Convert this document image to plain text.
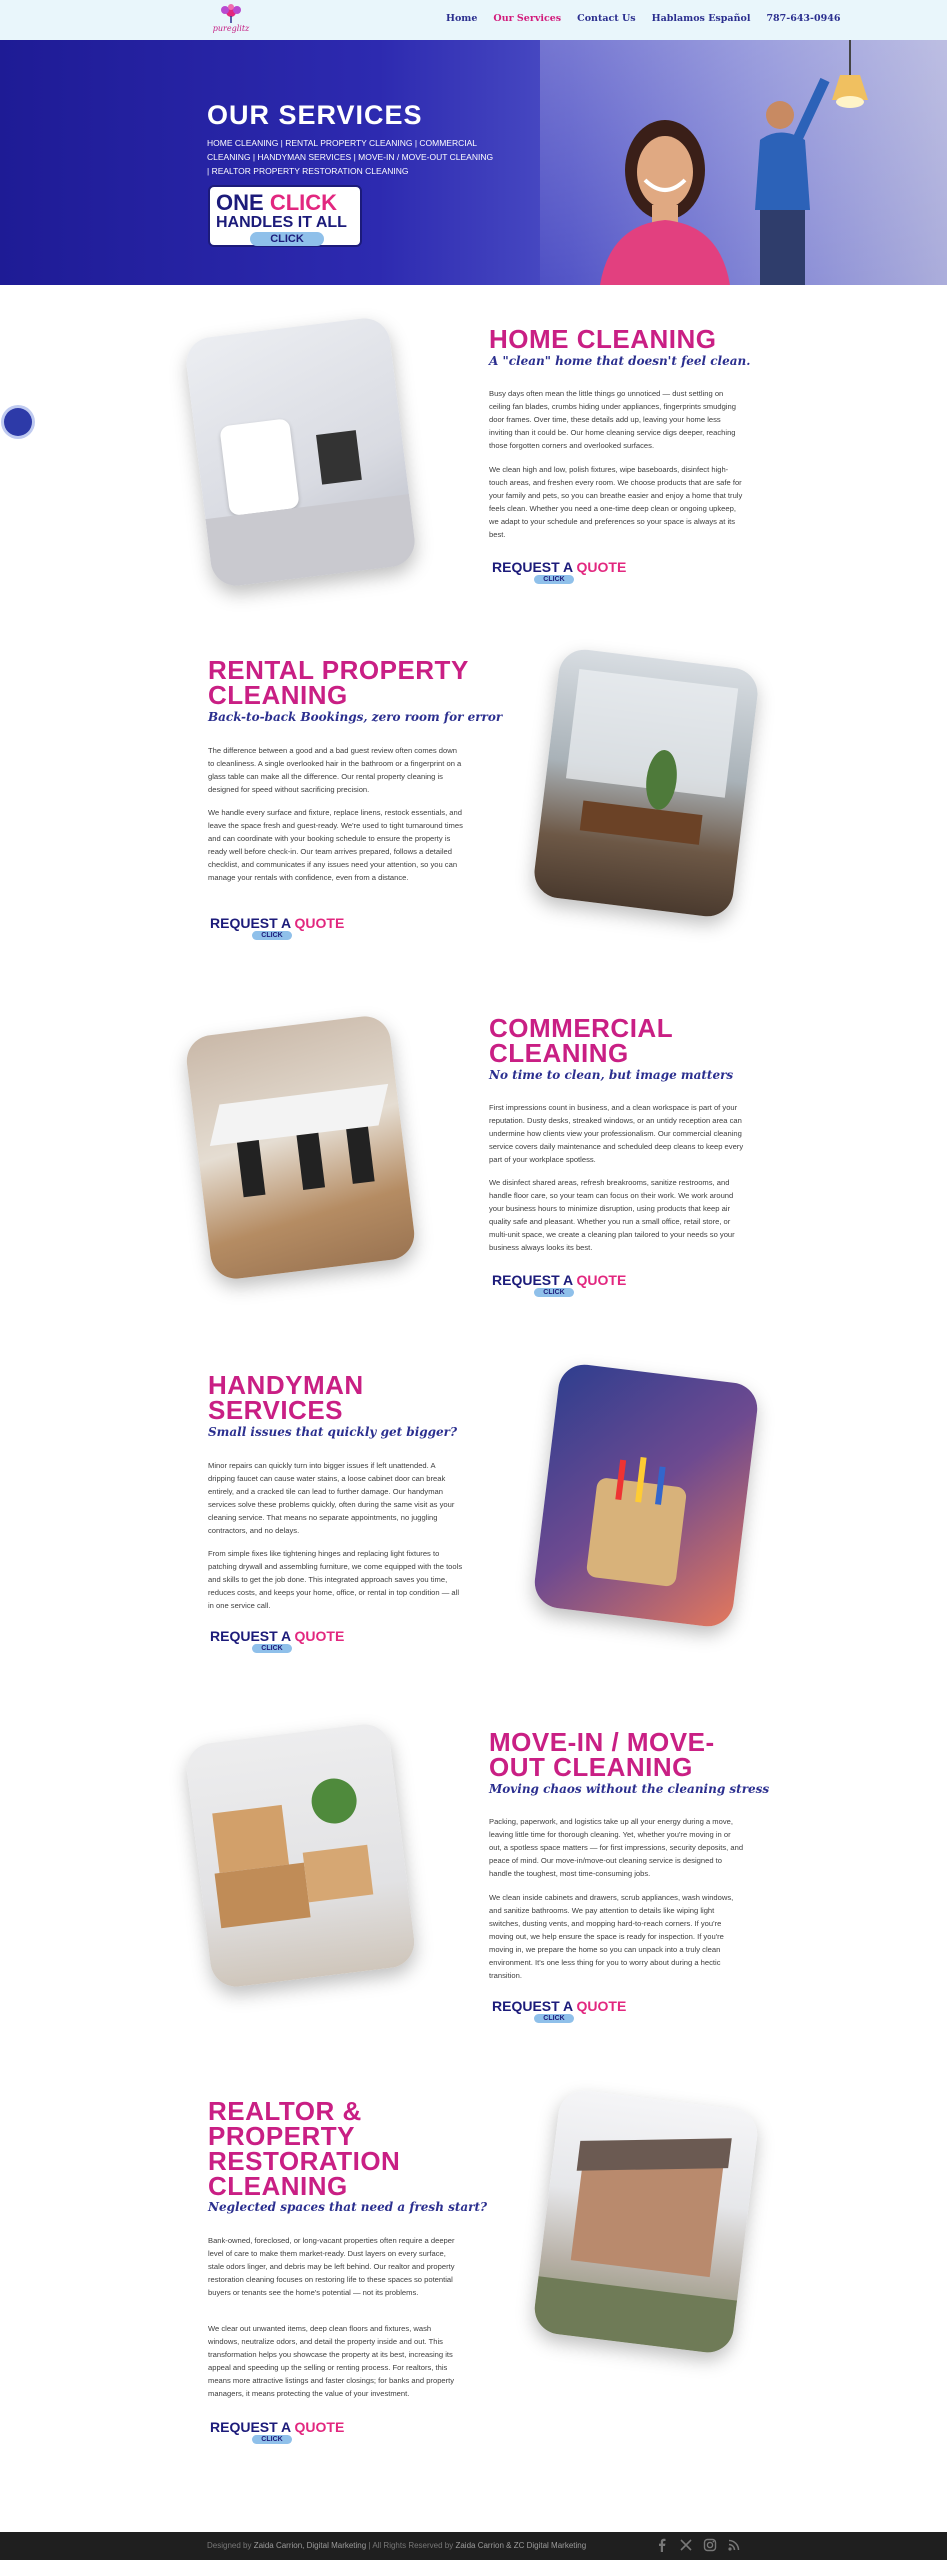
pureglitz
Home Our Services Contact Us Hablamos Español 787-643-0946
OUR SERVICES
HOME CLEANING | RENTAL PROPERTY CLEANING | COMMERCIAL CLEANING | HANDYMAN SERVICES | MOVE-IN / MOVE-OUT CLEANING | REALTOR PROPERTY RESTORATION CLEANING
ONE CLICK
HANDLES IT ALL
CLICK
HOME CLEANING
A "clean" home that doesn't feel clean.
Busy days often mean the little things go unnoticed — dust settling on ceiling fan blades, crumbs hiding under appliances, fingerprints smudging door frames. Over time, these details add up, leaving your home less inviting than it could be. Our home cleaning service digs deeper, reaching those forgotten corners and overlooked surfaces.
We clean high and low, polish fixtures, wipe baseboards, disinfect high-touch areas, and freshen every room. We choose products that are safe for your family and pets, so you can breathe easier and enjoy a home that truly feels clean. Whether you need a one-time deep clean or ongoing upkeep, we adapt to your schedule and preferences so your space is always at its best.
REQUEST A QUOTE
CLICK
RENTAL PROPERTY CLEANING
Back-to-back Bookings, zero room for error
The difference between a good and a bad guest review often comes down to cleanliness. A single overlooked hair in the bathroom or a fingerprint on a glass table can make all the difference. Our rental property cleaning is designed for speed without sacrificing precision.
We handle every surface and fixture, replace linens, restock essentials, and leave the space fresh and guest-ready. We're used to tight turnaround times and can coordinate with your booking schedule to ensure the property is ready well before check-in. Our team arrives prepared, follows a detailed checklist, and communicates if any issues need your attention, so you can manage your rentals with confidence, even from a distance.
REQUEST A QUOTE
CLICK
COMMERCIAL CLEANING
No time to clean, but image matters
First impressions count in business, and a clean workspace is part of your reputation. Dusty desks, streaked windows, or an untidy reception area can undermine how clients view your professionalism. Our commercial cleaning service covers daily maintenance and scheduled deep cleans to keep every part of your workplace spotless.
We disinfect shared areas, refresh breakrooms, sanitize restrooms, and handle floor care, so your team can focus on their work. We work around your business hours to minimize disruption, using products that keep air quality safe and pleasant. Whether you run a small office, retail store, or multi-unit space, we create a cleaning plan tailored to your needs so your business always looks its best.
REQUEST A QUOTE
CLICK
HANDYMAN SERVICES
Small issues that quickly get bigger?
Minor repairs can quickly turn into bigger issues if left unattended. A dripping faucet can cause water stains, a loose cabinet door can break entirely, and a cracked tile can lead to further damage. Our handyman services solve these problems quickly, often during the same visit as your cleaning service. That means no separate appointments, no juggling contractors, and no delays.
From simple fixes like tightening hinges and replacing light fixtures to patching drywall and assembling furniture, we come equipped with the tools and skills to get the job done. This integrated approach saves you time, reduces costs, and keeps your home, office, or rental in top condition — all in one service call.
REQUEST A QUOTE
CLICK
MOVE-IN / MOVE-OUT CLEANING
Moving chaos without the cleaning stress
Packing, paperwork, and logistics take up all your energy during a move, leaving little time for thorough cleaning. Yet, whether you're moving in or out, a spotless space matters — for first impressions, security deposits, and peace of mind. Our move-in/move-out cleaning service is designed to handle the toughest, most time-consuming jobs.
We clean inside cabinets and drawers, scrub appliances, wash windows, and sanitize bathrooms. We pay attention to details like wiping light switches, dusting vents, and mopping hard-to-reach corners. If you're moving out, we help ensure the space is ready for inspection. If you're moving in, we prepare the home so you can unpack into a truly clean environment. It's one less thing for you to worry about during a hectic transition.
REQUEST A QUOTE
CLICK
REALTOR & PROPERTY RESTORATION CLEANING
Neglected spaces that need a fresh start?
Bank-owned, foreclosed, or long-vacant properties often require a deeper level of care to make them market-ready. Dust layers on every surface, stale odors linger, and debris may be left behind. Our realtor and property restoration cleaning focuses on restoring life to these spaces so potential buyers or tenants see the home's potential — not its problems.
We clear out unwanted items, deep clean floors and fixtures, wash windows, neutralize odors, and detail the property inside and out. This transformation helps you showcase the property at its best, increasing its appeal and speeding up the selling or renting process. For realtors, this means more attractive listings and faster closings; for banks and property managers, it means protecting the value of your investment.
REQUEST A QUOTE
CLICK
Designed by Zaida Carrion, Digital Marketing | All Rights Reserved by Zaida Carrion & ZC Digital Marketing
